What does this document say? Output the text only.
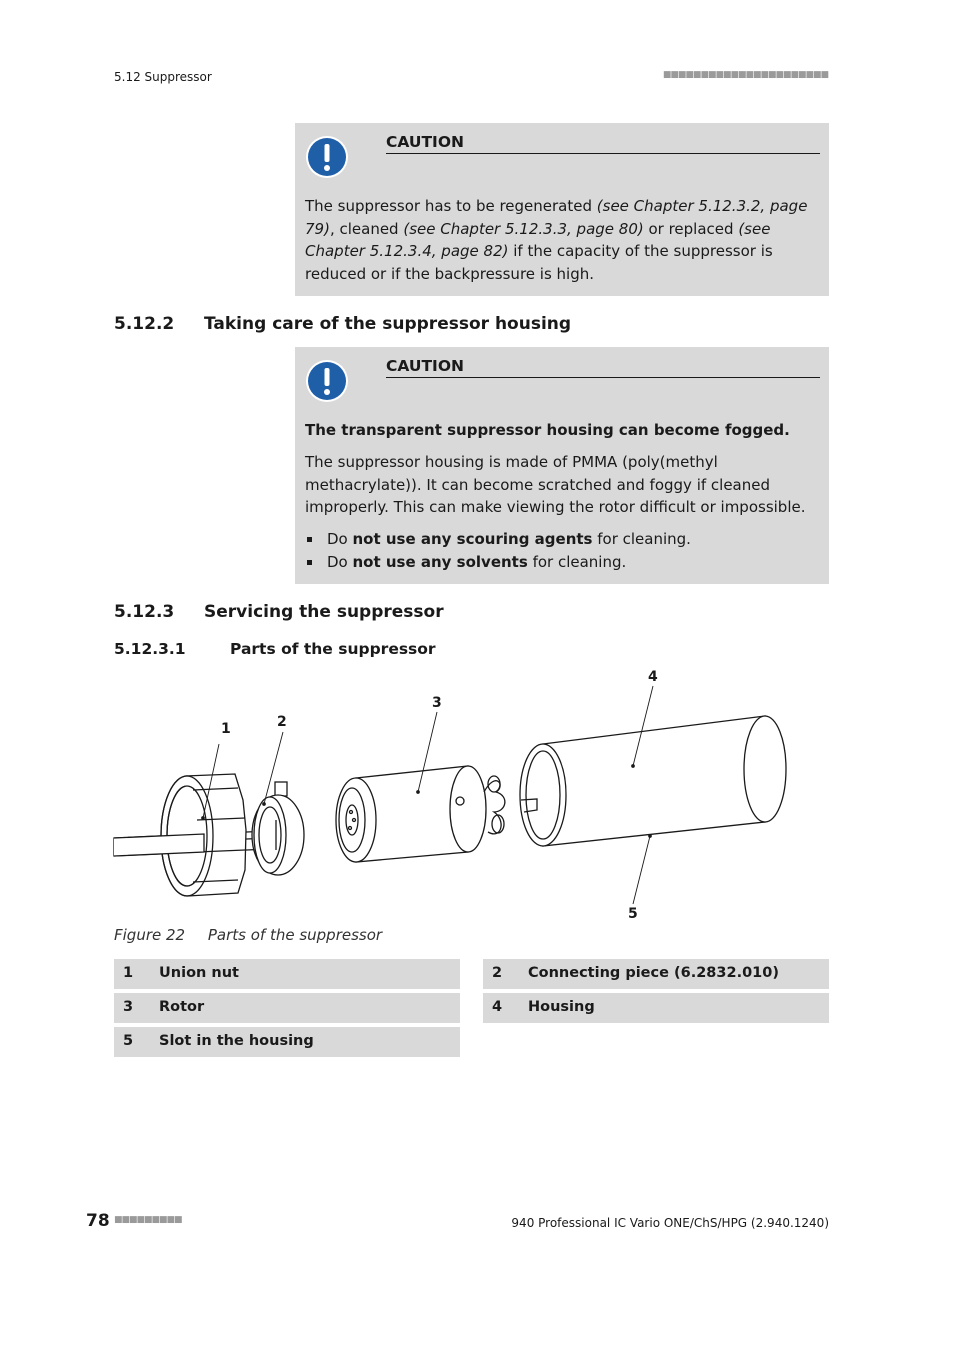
5.12 Suppressor	■■■■■■■■■■■■■■■■■■■■■■
CAUTION
The suppressor has to be regenerated (see Chapter 5.12.3.2, page 79), cleaned (see Chapter 5.12.3.3, page 80) or replaced (see Chapter 5.12.3.4, page 82) if the capacity of the suppressor is reduced or if the backpressure is high.
5.12.2 Taking care of the suppressor housing
CAUTION
The transparent suppressor housing can become fogged.
The suppressor housing is made of PMMA (poly(methyl methacrylate)). It can become scratched and foggy if cleaned improperly. This can make viewing the rotor difficult or impossible.
Do not use any scouring agents for cleaning.
Do not use any solvents for cleaning.
5.12.3 Servicing the suppressor
5.12.3.1	Parts of the suppressor
1	2
3
4
5
Figure 22 Parts of the suppressor
1 Union nut	2 Connecting piece (6.2832.010)
3 Rotor	4 Housing
5 Slot in the housing
78 ■■■■■■■■■	940 Professional IC Vario ONE/ChS/HPG (2.940.1240)
